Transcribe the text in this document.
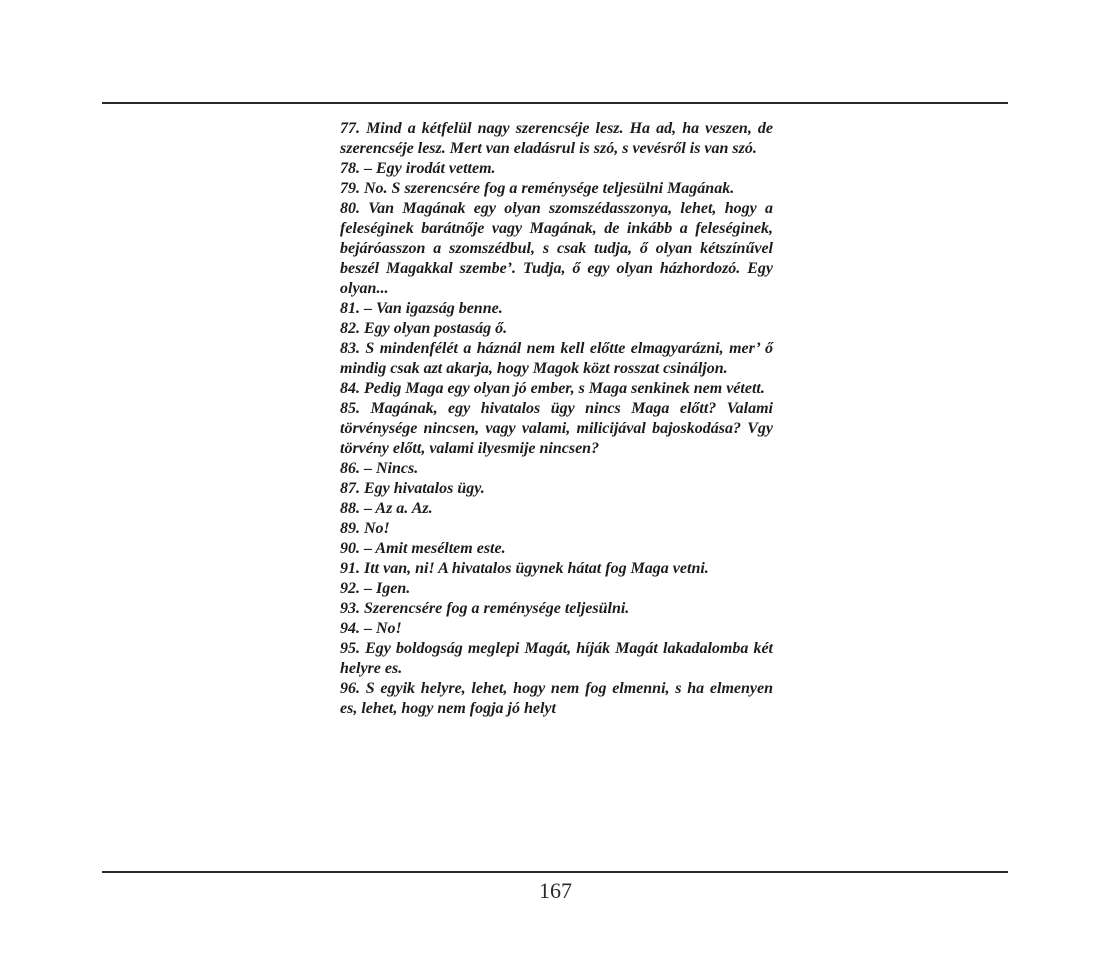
77. Mind a kétfelül nagy szerencséje lesz. Ha ad, ha veszen, de szerencséje lesz. Mert van eladásrul is szó, s vevésről is van szó.

78. – Egy irodát vettem.

79. No. S szerencsére fog a reménysége teljesülni Magának.

80. Van Magának egy olyan szomszédasszonya, lehet, hogy a feleséginek barátnője vagy Magának, de inkább a feleséginek, bejáróasszon a szomszédbul, s csak tudja, ő olyan kétszínűvel beszél Magakkal szembe’. Tudja, ő egy olyan házhordozó. Egy olyan...

81. – Van igazság benne.

82. Egy olyan postaság ő.

83. S mindenfélét a háznál nem kell előtte elmagyarázni, mer’ ő mindig csak azt akarja, hogy Magok közt rosszat csináljon.

84. Pedig Maga egy olyan jó ember, s Maga senkinek nem vétett.

85. Magának, egy hivatalos ügy nincs Maga előtt? Valami törvénysége nincsen, vagy valami, milicijával bajoskodása? Vgy törvény előtt, valami ilyesmije nincsen?

86. – Nincs.

87. Egy hivatalos ügy.

88. – Az a. Az.

89. No!

90. – Amit meséltem este.

91. Itt van, ni! A hivatalos ügynek hátat fog Maga vetni.

92. – Igen.

93. Szerencsére fog a reménysége teljesülni.

94. – No!

95. Egy boldogság meglepi Magát, híják Magát lakadalomba két helyre es.

96. S egyik helyre, lehet, hogy nem fog elmenni, s ha elmenyen es, lehet, hogy nem fogja jó helyt

167
